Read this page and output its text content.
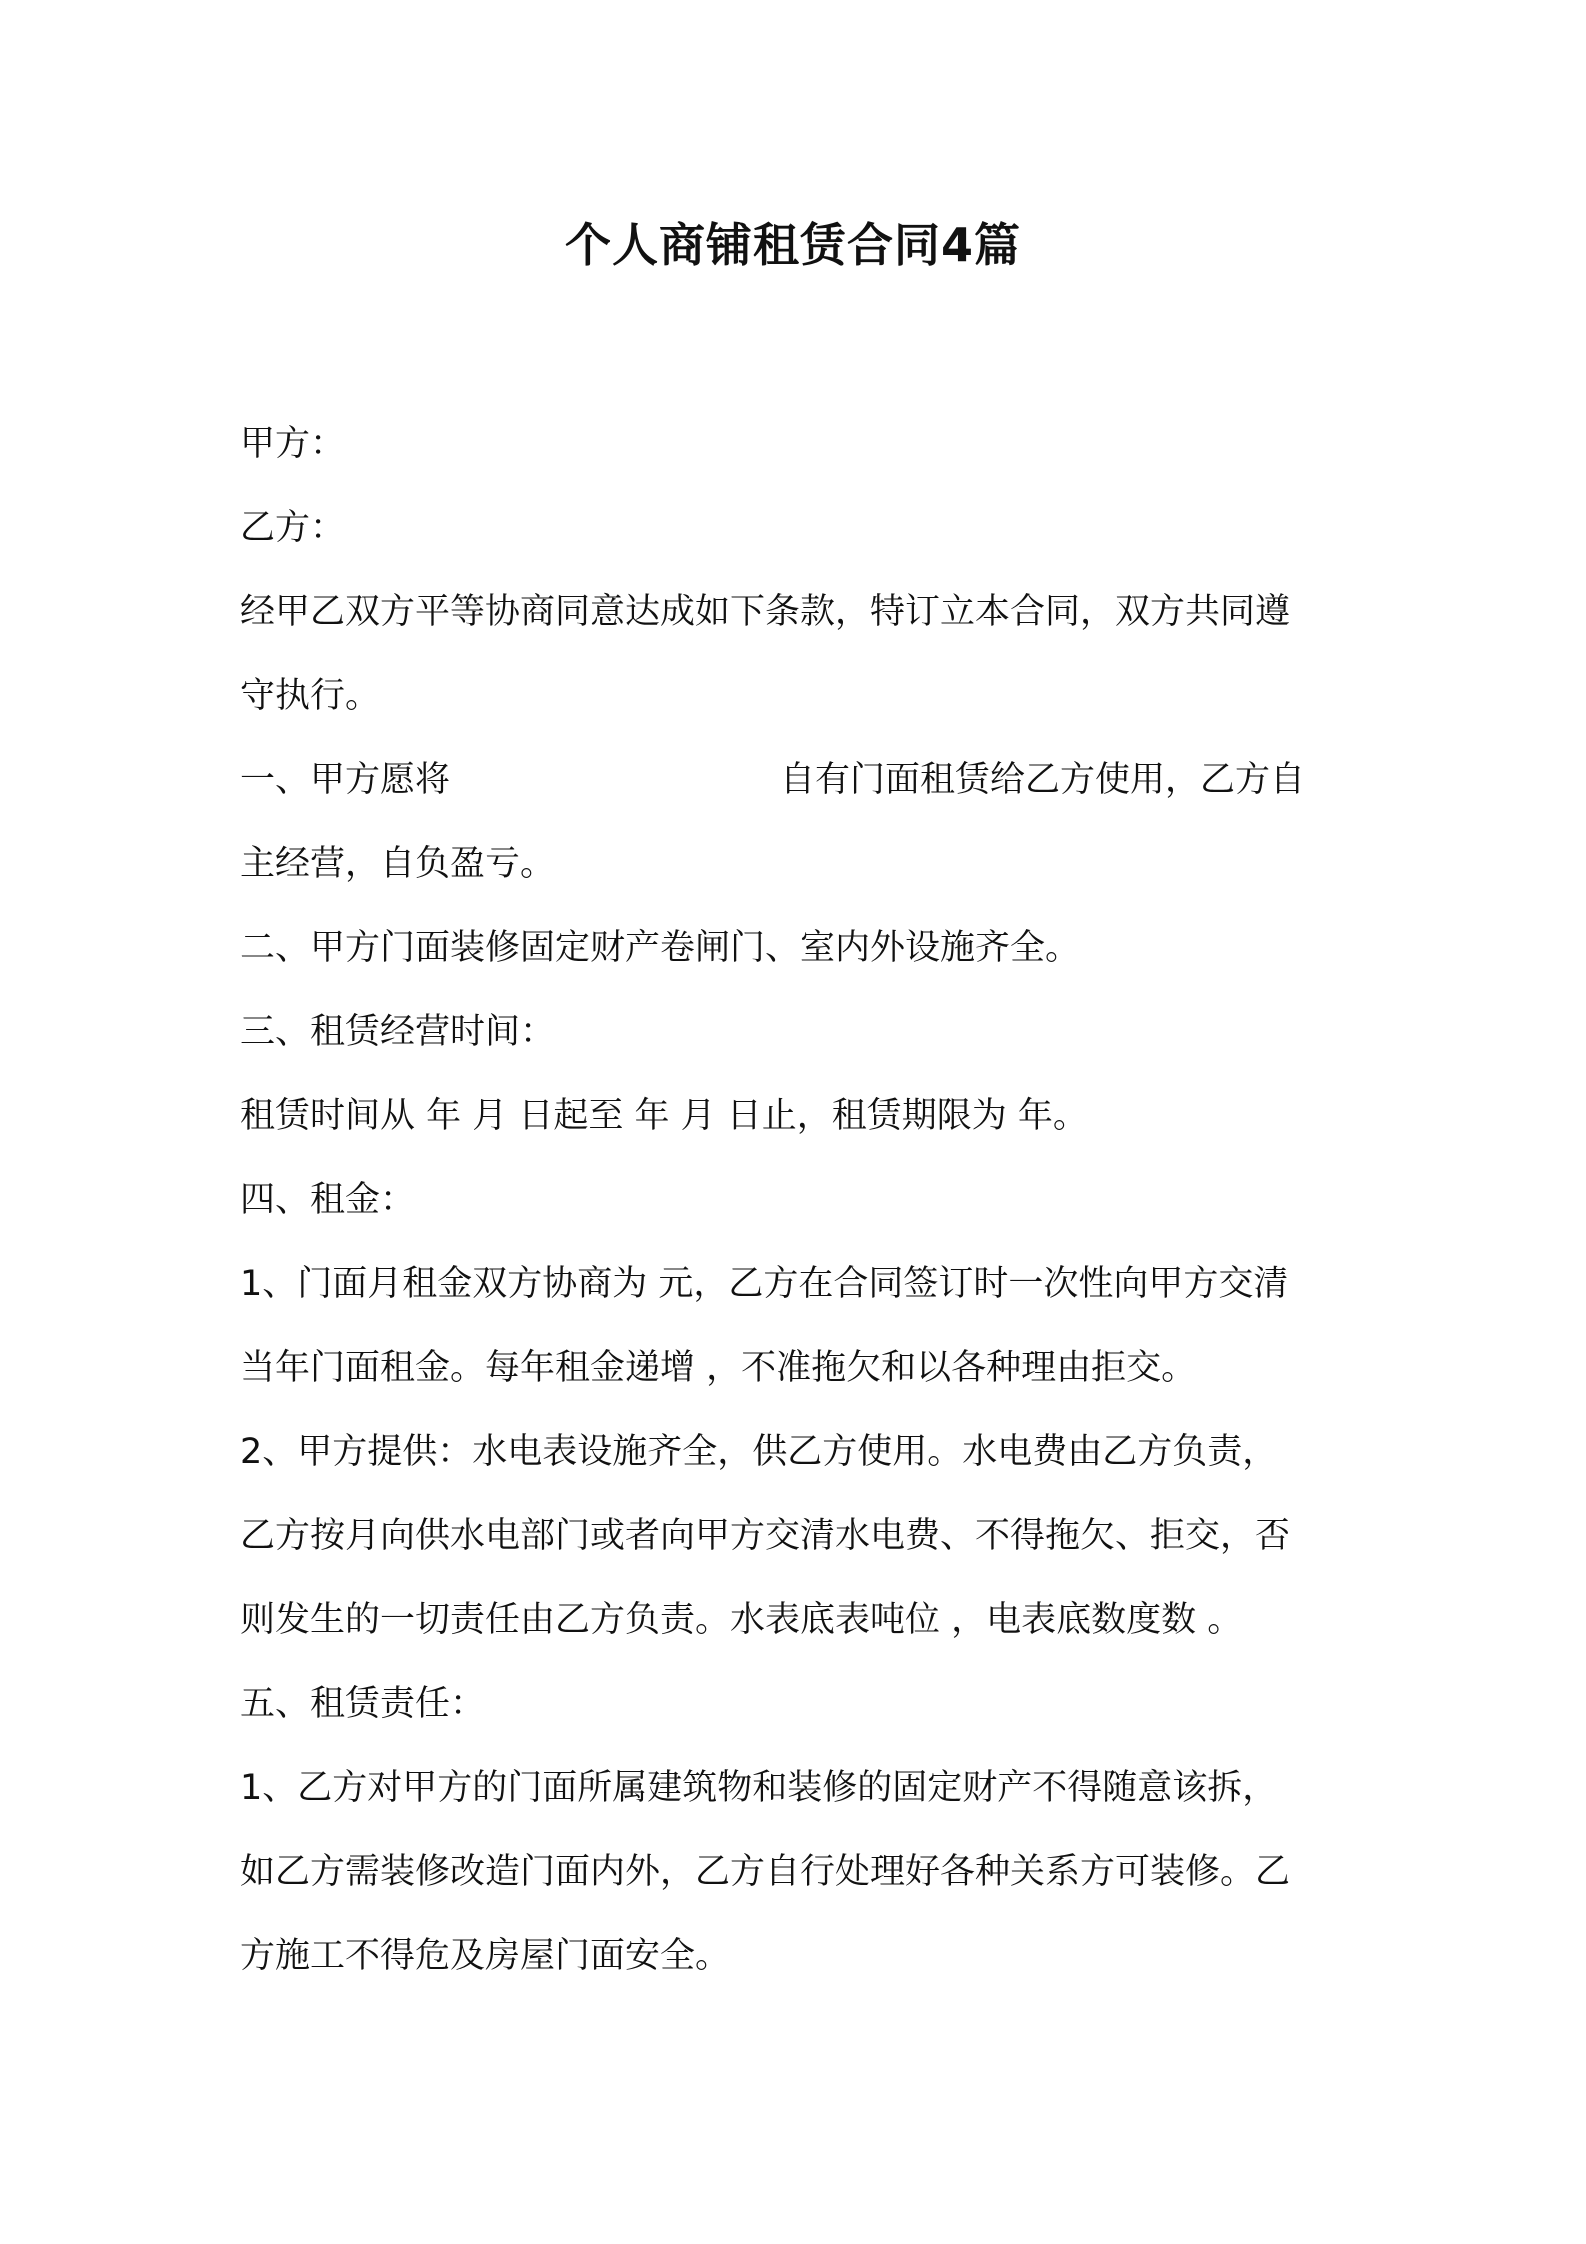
个人商铺租赁合同4篇
甲方：
乙方：
经甲乙双方平等协商同意达成如下条款，特订立本合同，双方共同遵
守执行。
一、甲方愿将	自有门面租赁给乙方使用，乙方自
主经营，自负盈亏。
二、甲方门面装修固定财产卷闸门、室内外设施齐全。
三、租赁经营时间：
租赁时间从 年 月 日起至 年 月 日止，租赁期限为 年。
四、租金：
1、门面月租金双方协商为 元，乙方在合同签订时一次性向甲方交清
当年门面租金。每年租金递增 ，不准拖欠和以各种理由拒交。
2、甲方提供：水电表设施齐全，供乙方使用。水电费由乙方负责，
乙方按月向供水电部门或者向甲方交清水电费、不得拖欠、拒交，否
则发生的一切责任由乙方负责。水表底表吨位 ，电表底数度数 。
五、租赁责任：
1、乙方对甲方的门面所属建筑物和装修的固定财产不得随意该拆，
如乙方需装修改造门面内外，乙方自行处理好各种关系方可装修。乙
方施工不得危及房屋门面安全。
